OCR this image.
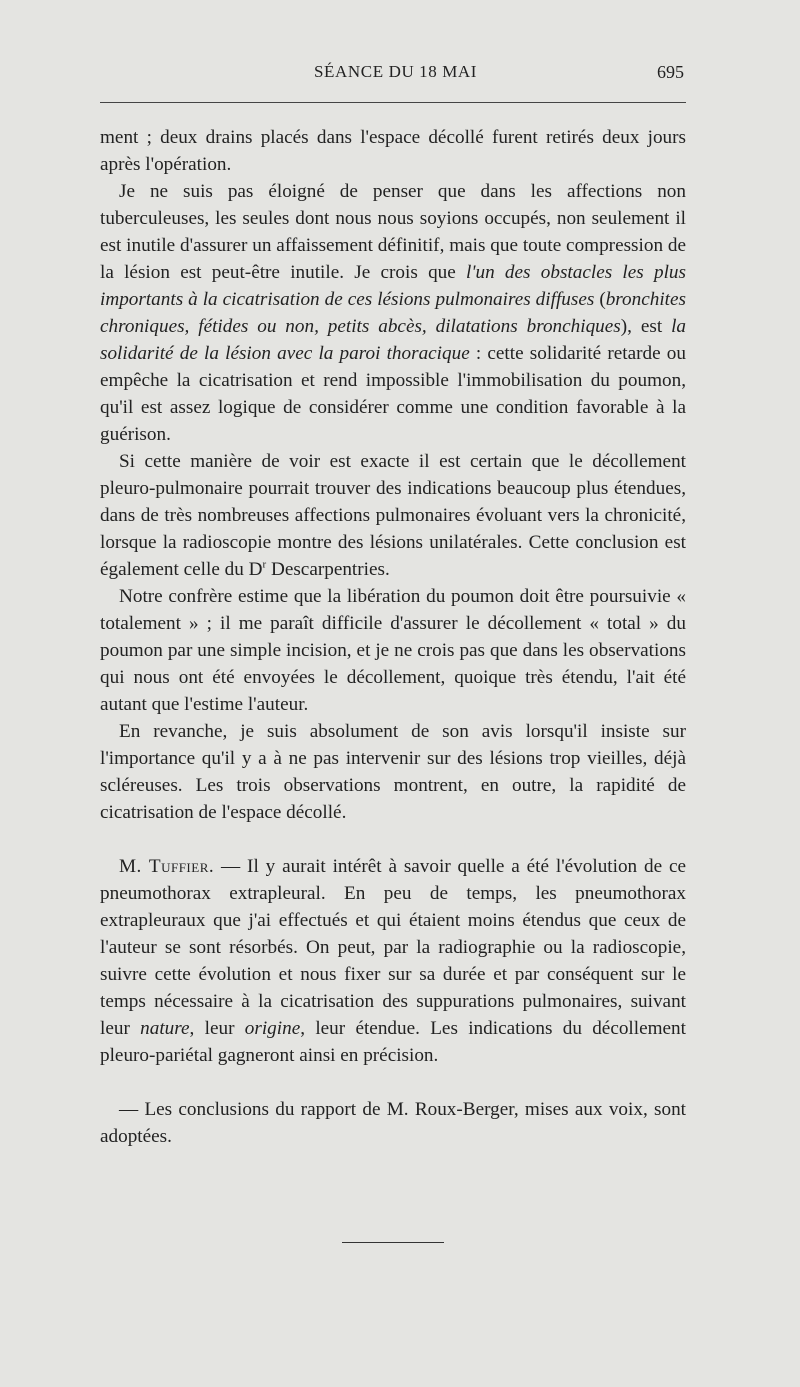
SÉANCE DU 18 MAI	695

ment ; deux drains placés dans l'espace décollé furent retirés deux jours après l'opération.

Je ne suis pas éloigné de penser que dans les affections non tuberculeuses, les seules dont nous nous soyions occupés, non seulement il est inutile d'assurer un affaissement définitif, mais que toute compression de la lésion est peut-être inutile. Je crois que l'un des obstacles les plus importants à la cicatrisation de ces lésions pulmonaires diffuses (bronchites chroniques, fétides ou non, petits abcès, dilatations bronchiques), est la solidarité de la lésion avec la paroi thoracique : cette solidarité retarde ou empêche la cicatrisation et rend impossible l'immobilisation du poumon, qu'il est assez logique de considérer comme une condition favorable à la guérison.

Si cette manière de voir est exacte il est certain que le décollement pleuro-pulmonaire pourrait trouver des indications beaucoup plus étendues, dans de très nombreuses affections pulmonaires évoluant vers la chronicité, lorsque la radioscopie montre des lésions unilatérales. Cette conclusion est également celle du $D^r$ Descarpentries.

Notre confrère estime que la libération du poumon doit être poursuivie « totalement » ; il me paraît difficile d'assurer le décollement « total » du poumon par une simple incision, et je ne crois pas que dans les observations qui nous ont été envoyées le décollement, quoique très étendu, l'ait été autant que l'estime l'auteur.

En revanche, je suis absolument de son avis lorsqu'il insiste sur l'importance qu'il y a à ne pas intervenir sur des lésions trop vieilles, déjà scléreuses. Les trois observations montrent, en outre, la rapidité de cicatrisation de l'espace décollé.

M. Tuffier. — Il y aurait intérêt à savoir quelle a été l'évolution de ce pneumothorax extrapleural. En peu de temps, les pneumothorax extrapleuraux que j'ai effectués et qui étaient moins étendus que ceux de l'auteur se sont résorbés. On peut, par la radiographie ou la radioscopie, suivre cette évolution et nous fixer sur sa durée et par conséquent sur le temps nécessaire à la cicatrisation des suppurations pulmonaires, suivant leur nature, leur origine, leur étendue. Les indications du décollement pleuro-pariétal gagneront ainsi en précision.

— Les conclusions du rapport de M. Roux-Berger, mises aux voix, sont adoptées.
